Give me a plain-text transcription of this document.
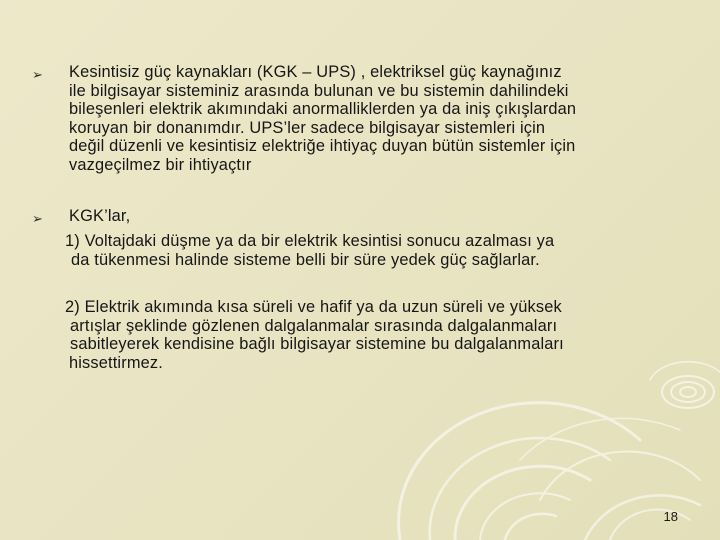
➢	Kesintisiz güç kaynakları (KGK – UPS) , elektriksel güç kaynağınız
ile bilgisayar sisteminiz arasında bulunan ve bu sistemin dahilindeki
bileşenleri elektrik akımındaki anormalliklerden ya da iniş çıkışlardan
koruyan bir donanımdır. UPS’ler sadece bilgisayar sistemleri için
değil düzenli ve kesintisiz elektriğe ihtiyaç duyan bütün sistemler için
vazgeçilmez bir ihtiyaçtır
➢	KGK’lar,
1) Voltajdaki düşme ya da bir elektrik kesintisi sonucu azalması ya
da tükenmesi halinde sisteme belli bir süre yedek güç sağlarlar.
2) Elektrik akımında kısa süreli ve hafif ya da uzun süreli ve yüksek
artışlar şeklinde gözlenen dalgalanmalar sırasında dalgalanmaları
sabitleyerek kendisine bağlı bilgisayar sistemine bu dalgalanmaları
hissettirmez.
18
